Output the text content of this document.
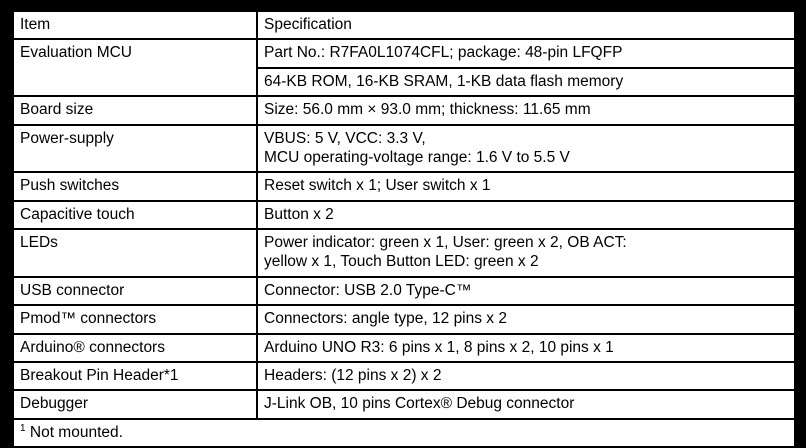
Item	Specification
Evaluation MCU	Part No.: R7FA0L1074CFL; package: 48-pin LFQFP
	64-KB ROM, 16-KB SRAM, 1-KB data flash memory
Board size	Size: 56.0 mm × 93.0 mm; thickness: 11.65 mm
Power-supply	VBUS: 5 V, VCC: 3.3 V,
MCU operating-voltage range: 1.6 V to 5.5 V

Push switches	Reset switch x 1; User switch x 1
Capacitive touch	Button x 2
LEDs	Power indicator: green x 1, User: green x 2, OB ACT:
yellow x 1, Touch Button LED: green x 2

USB connector	Connector: USB 2.0 Type-C™
Pmod™ connectors	Connectors: angle type, 12 pins x 2
Arduino® connectors	Arduino UNO R3: 6 pins x 1, 8 pins x 2, 10 pins x 1
Breakout Pin Header*1	Headers: (12 pins x 2) x 2
Debugger	J-Link OB, 10 pins Cortex® Debug connector
$^1$ Not mounted.	
